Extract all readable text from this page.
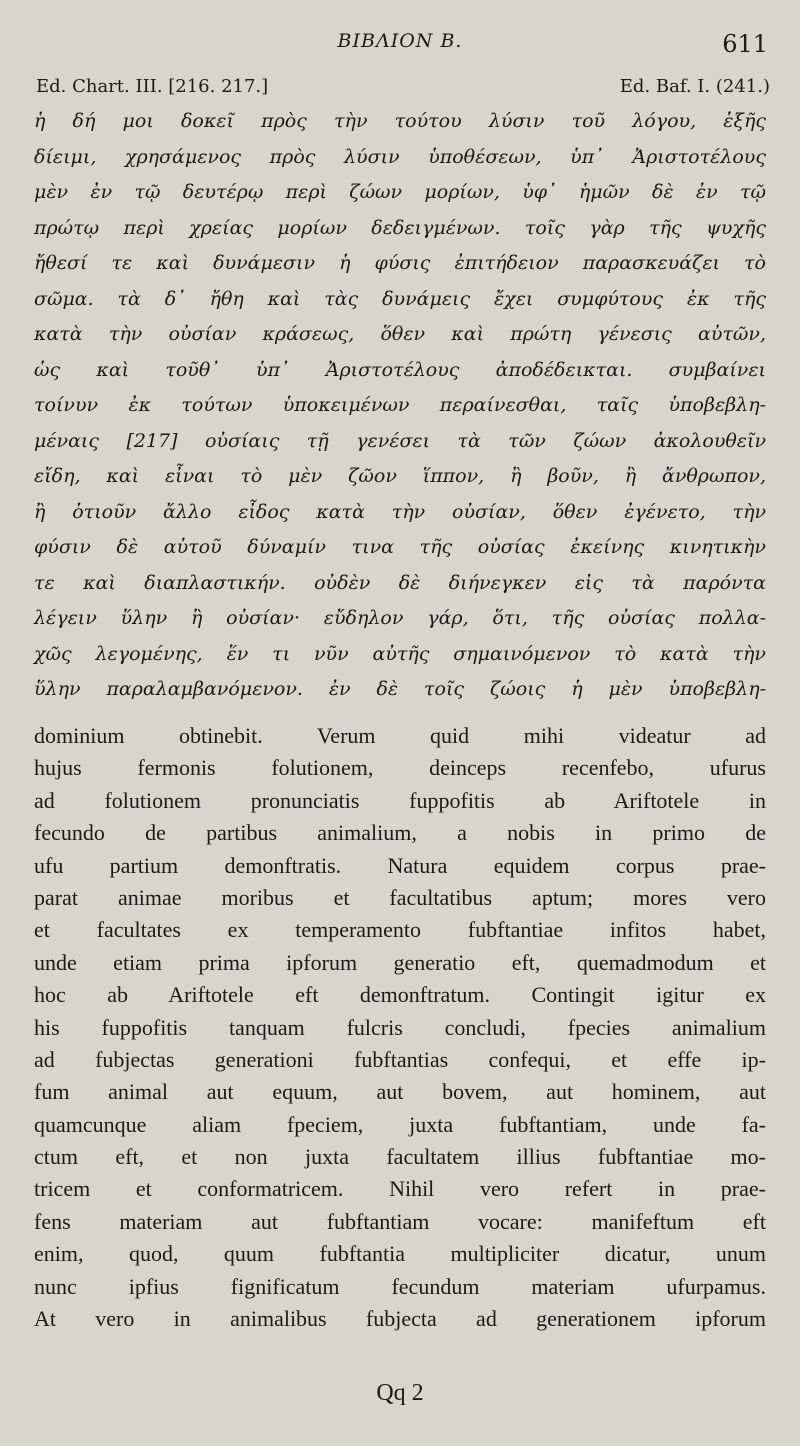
ΒΙΒΛΙΟΝ Β.	611
Ed. Chart. III. [216. 217.]	Ed. Baf. I. (241.)
ἡ δή μοι δοκεῖ πρὸς τὴν τούτου λύσιν τοῦ λόγου, ἑξῆς
δίειμι, χρησάμενος πρὸς λύσιν ὑποθέσεων, ὑπ᾽ Ἀριστοτέλους
μὲν ἐν τῷ δευτέρῳ περὶ ζώων μορίων, ὑφ᾽ ἡμῶν δὲ ἐν τῷ
πρώτῳ περὶ χρείας μορίων δεδειγμένων. τοῖς γὰρ τῆς ψυχῆς
ἤθεσί τε καὶ δυνάμεσιν ἡ φύσις ἐπιτήδειον παρασκευάζει τὸ
σῶμα. τὰ δ᾽ ἤθη καὶ τὰς δυνάμεις ἔχει συμφύτους ἐκ τῆς
κατὰ τὴν οὐσίαν κράσεως, ὅθεν καὶ πρώτη γένεσις αὐτῶν,
ὡς καὶ τοῦθ᾽ ὑπ᾽ Ἀριστοτέλους ἀποδέδεικται. συμβαίνει
τοίνυν ἐκ τούτων ὑποκειμένων περαίνεσθαι, ταῖς ὑποβεβλη-
μέναις [217] οὐσίαις τῇ γενέσει τὰ τῶν ζώων ἀκολουθεῖν
εἴδη, καὶ εἶναι τὸ μὲν ζῶον ἵππον, ἢ βοῦν, ἢ ἄνθρωπον,
ἢ ὁτιοῦν ἄλλο εἶδος κατὰ τὴν οὐσίαν, ὅθεν ἐγένετο, τὴν
φύσιν δὲ αὐτοῦ δύναμίν τινα τῆς οὐσίας ἐκείνης κινητικὴν
τε καὶ διαπλαστικήν. οὐδὲν δὲ διήνεγκεν εἰς τὰ παρόντα
λέγειν ὕλην ἢ οὐσίαν· εὔδηλον γάρ, ὅτι, τῆς οὐσίας πολλα-
χῶς λεγομένης, ἕν τι νῦν αὐτῆς σημαινόμενον τὸ κατὰ τὴν
ὕλην παραλαμβανόμενον. ἐν δὲ τοῖς ζώοις ἡ μὲν ὑποβεβλη-
dominium obtinebit. Verum quid mihi videatur ad
hujus fermonis folutionem, deinceps recenfebo, ufurus
ad folutionem pronunciatis fuppofitis ab Ariftotele in
fecundo de partibus animalium, a nobis in primo de
ufu partium demonftratis. Natura equidem corpus prae-
parat animae moribus et facultatibus aptum; mores vero
et facultates ex temperamento fubftantiae infitos habet,
unde etiam prima ipforum generatio eft, quemadmodum et
hoc ab Ariftotele eft demonftratum. Contingit igitur ex
his fuppofitis tanquam fulcris concludi, fpecies animalium
ad fubjectas generationi fubftantias confequi, et effe ip-
fum animal aut equum, aut bovem, aut hominem, aut
quamcunque aliam fpeciem, juxta fubftantiam, unde fa-
ctum eft, et non juxta facultatem illius fubftantiae mo-
tricem et conformatricem. Nihil vero refert in prae-
fens materiam aut fubftantiam vocare: manifeftum eft
enim, quod, quum fubftantia multipliciter dicatur, unum
nunc ipfius fignificatum fecundum materiam ufurpamus.
At vero in animalibus fubjecta ad generationem ipforum
Qq 2
